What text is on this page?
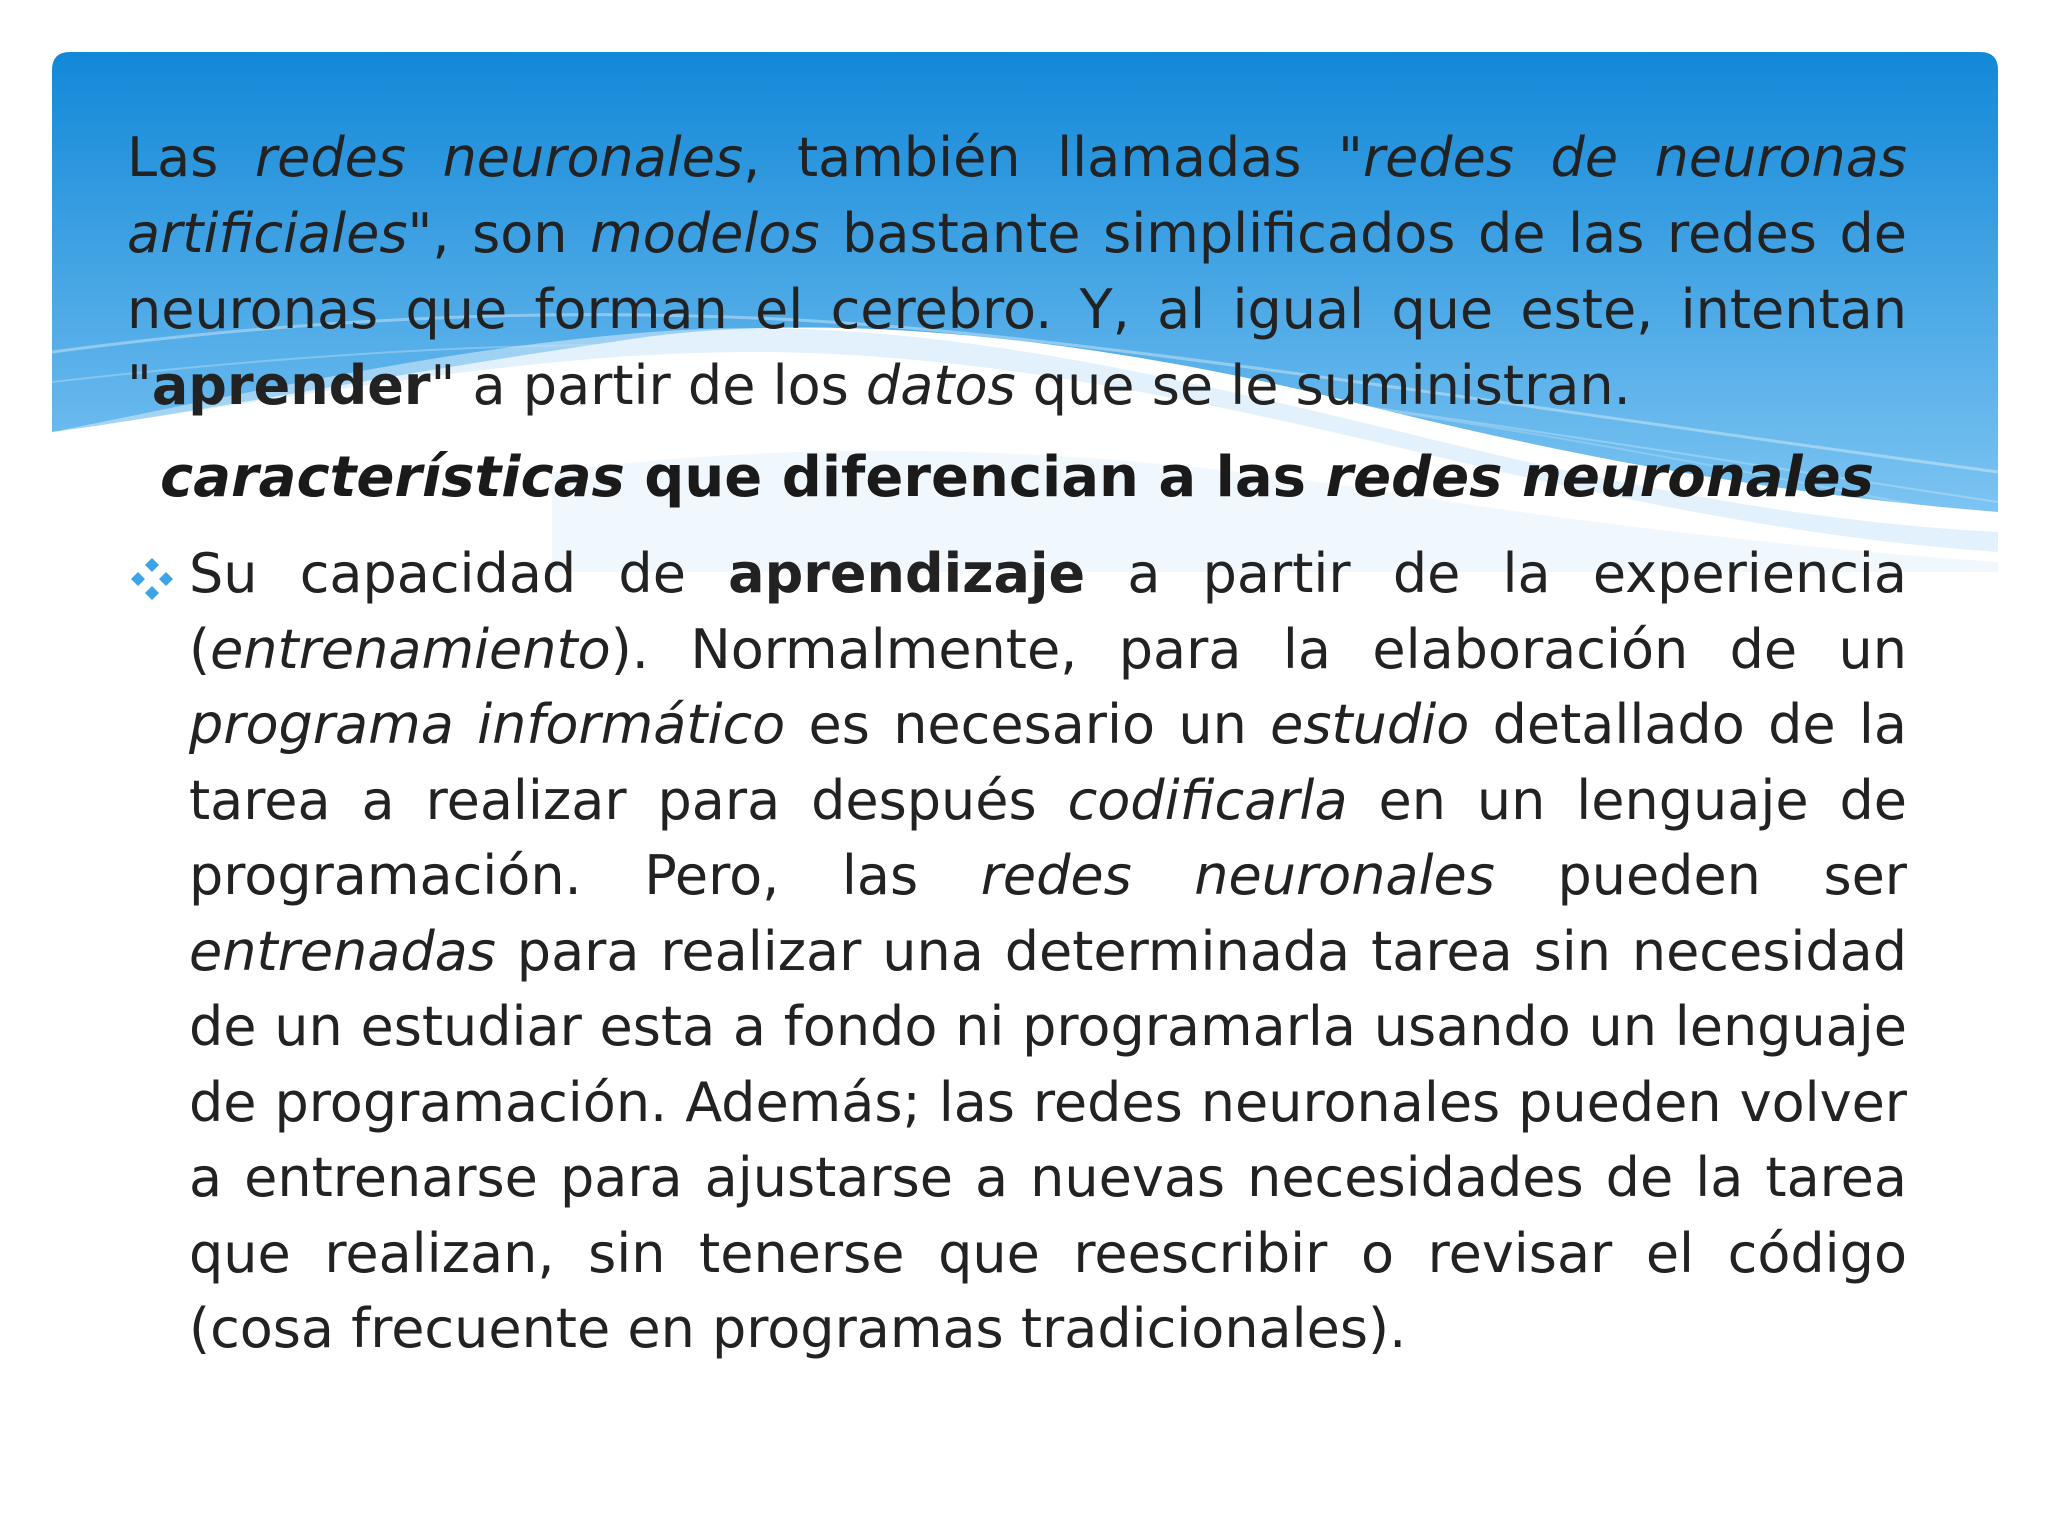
Las redes neuronales, también llamadas "redes de neuronas artificiales", son modelos bastante simplificados de las redes de neuronas que forman el cerebro. Y, al igual que este, intentan "aprender" a partir de los datos que se le suministran.

características que diferencian a las redes neuronales

Su capacidad de aprendizaje a partir de la experiencia (entrenamiento). Normalmente, para la elaboración de un programa informático es necesario un estudio detallado de la tarea a realizar para después codificarla en un lenguaje de programación. Pero, las redes neuronales pueden ser entrenadas para realizar una determinada tarea sin necesidad de un estudiar esta a fondo ni programarla usando un lenguaje de programación. Además; las redes neuronales pueden volver a entrenarse para ajustarse a nuevas necesidades de la tarea que realizan, sin tenerse que reescribir o revisar el código (cosa frecuente en programas tradicionales).
